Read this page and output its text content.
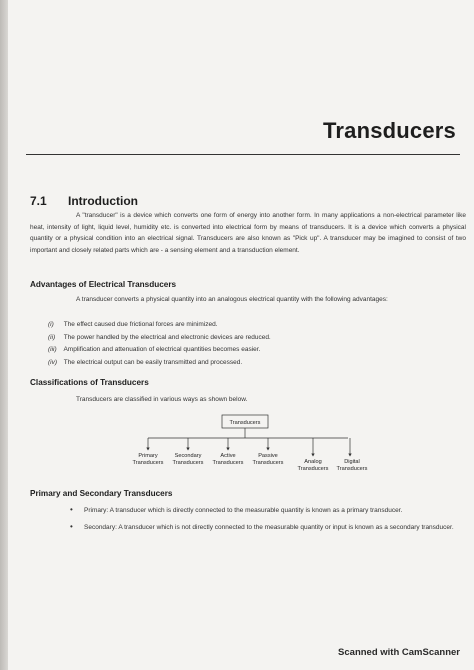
Transducers
7.1 Introduction
A "transducer" is a device which converts one form of energy into another form. In many applications a non-electrical parameter like heat, intensity of light, liquid level, humidity etc. is converted into electrical form by means of transducers. It is a device which converts a physical quantity or a physical condition into an electrical signal. Transducers are also known as "Pick up". A transducer may be imagined to consist of two important and closely related parts which are - a sensing element and a transduction element.
Advantages of Electrical Transducers
A transducer converts a physical quantity into an analogous electrical quantity with the following advantages:
(i) The effect caused due frictional forces are minimized.
(ii) The power handled by the electrical and electronic devices are reduced.
(iii) Amplification and attenuation of electrical quantities becomes easier.
(iv) The electrical output can be easily transmitted and processed.
Classifications of Transducers
Transducers are classified in various ways as shown below.
Transducers
Primary
Transducers
Secondary
Transducers
Active
Transducers
Passive
Transducers	Analog
Transducers
Digital
Transducers
Primary and Secondary Transducers
• Primary: A transducer which is directly connected to the measurable quantity is known as a primary transducer.
• Secondary: A transducer which is not directly connected to the measurable quantity or input is known as a secondary transducer.
Scanned with CamScanner
